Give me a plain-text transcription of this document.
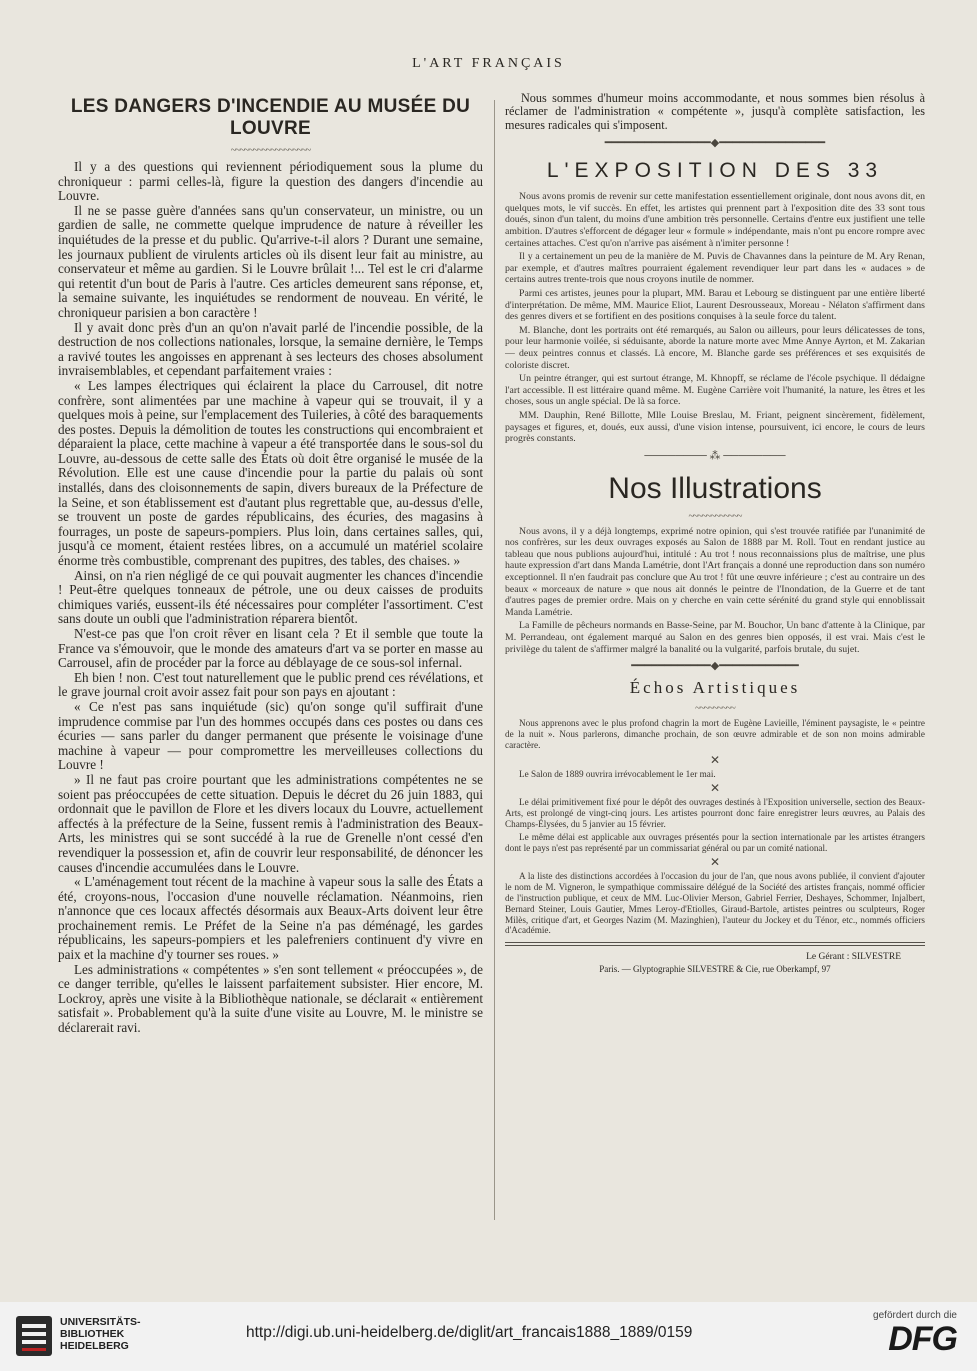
L'ART FRANÇAIS
LES DANGERS D'INCENDIE AU MUSÉE DU LOUVRE
~~~~~~~~~~~~~~~~~~

Il y a des questions qui reviennent périodiquement sous la plume du chroniqueur : parmi celles-là, figure la question des dangers d'incendie au Louvre.

Il ne se passe guère d'années sans qu'un conservateur, un ministre, ou un gardien de salle, ne commette quelque imprudence de nature à réveiller les inquiétudes de la presse et du public. Qu'arrive-t-il alors ? Durant une semaine, les journaux publient de virulents articles où ils disent leur fait au ministre, au conservateur et même au gardien. Si le Louvre brûlait !... Tel est le cri d'alarme qui retentit d'un bout de Paris à l'autre. Ces articles demeurent sans réponse, et, la semaine suivante, les inquiétudes se rendorment de nouveau. En vérité, le chroniqueur parisien a bon caractère !

Il y avait donc près d'un an qu'on n'avait parlé de l'incendie possible, de la destruction de nos collections nationales, lorsque, la semaine dernière, le Temps a ravivé toutes les angoisses en apprenant à ses lecteurs des choses absolument invraisemblables, et cependant parfaitement vraies :

« Les lampes électriques qui éclairent la place du Carrousel, dit notre confrère, sont alimentées par une machine à vapeur qui se trouvait, il y a quelques mois à peine, sur l'emplacement des Tuileries, à côté des baraquements des postes. Depuis la démolition de toutes les constructions qui encombraient et déparaient la place, cette machine à vapeur a été transportée dans le sous-sol du Louvre, au-dessous de cette salle des États où doit être organisé le musée de la Révolution. Elle est une cause d'incendie pour la partie du palais où sont installés, dans des cloisonnements de sapin, divers bureaux de la Préfecture de la Seine, et son établissement est d'autant plus regrettable que, au-dessus d'elle, se trouvent un poste de gardes républicains, des écuries, des magasins à fourrages, un poste de sapeurs-pompiers. Plus loin, dans certaines salles, qui, jusqu'à ce moment, étaient restées libres, on a accumulé un matériel scolaire énorme très combustible, comprenant des pupitres, des tables, des chaises. »

Ainsi, on n'a rien négligé de ce qui pouvait augmenter les chances d'incendie ! Peut-être quelques tonneaux de pétrole, une ou deux caisses de produits chimiques variés, eussent-ils été nécessaires pour compléter l'assortiment. C'est sans doute un oubli que l'administration réparera bientôt.

N'est-ce pas que l'on croit rêver en lisant cela ? Et il semble que toute la France va s'émouvoir, que le monde des amateurs d'art va se porter en masse au Carrousel, afin de procéder par la force au déblayage de ce sous-sol infernal.

Eh bien ! non. C'est tout naturellement que le public prend ces révélations, et le grave journal croit avoir assez fait pour son pays en ajoutant :

« Ce n'est pas sans inquiétude (sic) qu'on songe qu'il suffirait d'une imprudence commise par l'un des hommes occupés dans ces postes ou dans ces écuries — sans parler du danger permanent que présente le voisinage d'une machine à vapeur — pour compromettre les merveilleuses collections du Louvre !

» Il ne faut pas croire pourtant que les administrations compétentes ne se soient pas préoccupées de cette situation. Depuis le décret du 26 juin 1883, qui ordonnait que le pavillon de Flore et les divers locaux du Louvre, actuellement affectés à la préfecture de la Seine, fussent remis à l'administration des Beaux-Arts, les ministres qui se sont succédé à la rue de Grenelle n'ont cessé d'en revendiquer la possession et, afin de couvrir leur responsabilité, de dénoncer les causes d'incendie accumulées dans le Louvre.

« L'aménagement tout récent de la machine à vapeur sous la salle des États a été, croyons-nous, l'occasion d'une nouvelle réclamation. Néanmoins, rien n'annonce que ces locaux affectés désormais aux Beaux-Arts doivent leur être prochainement remis. Le Préfet de la Seine n'a pas déménagé, les gardes républicains, les sapeurs-pompiers et les palefreniers continuent d'y vivre en paix et la machine d'y tourner ses roues. »

Les administrations « compétentes » s'en sont tellement « préoccupées », de ce danger terrible, qu'elles le laissent parfaitement subsister. Hier encore, M. Lockroy, après une visite à la Bibliothèque nationale, se déclarait « entièrement satisfait ». Probablement qu'à la suite d'une visite au Louvre, M. le ministre se déclarerait ravi.

Nous sommes d'humeur moins accommodante, et nous sommes bien résolus à réclamer de l'administration « compétente », jusqu'à complète satisfaction, les mesures radicales qui s'imposent.

━━━━━━━━━━━━━━━━◆━━━━━━━━━━━━━━━━
L'EXPOSITION DES 33

Nous avons promis de revenir sur cette manifestation essentiellement originale, dont nous avons dit, en quelques mots, le vif succès. En effet, les artistes qui prennent part à l'exposition dite des 33 sont tous doués, sinon d'un talent, du moins d'une ambition très personnelle. Certains d'entre eux justifient une telle ambition. D'autres s'efforcent de dégager leur « formule » indépendante, mais n'ont pu encore rompre avec certaines attaches. C'est qu'on n'arrive pas aisément à n'imiter personne !

Il y a certainement un peu de la manière de M. Puvis de Chavannes dans la peinture de M. Ary Renan, par exemple, et d'autres maîtres pourraient également revendiquer leur part dans les « audaces » de certains autres trente-trois que nous croyons inutile de nommer.

Parmi ces artistes, jeunes pour la plupart, MM. Barau et Lebourg se distinguent par une entière liberté d'interprétation. De même, MM. Maurice Eliot, Laurent Desrousseaux, Moreau - Nélaton s'affirment dans des genres divers et se fortifient en des positions conquises à la seule force du talent.

M. Blanche, dont les portraits ont été remarqués, au Salon ou ailleurs, pour leurs délicatesses de tons, pour leur harmonie voilée, si séduisante, aborde la nature morte avec Mme Annye Ayrton, et M. Zakarian — deux peintres connus et classés. Là encore, M. Blanche garde ses préférences et ses exquisités de coloriste discret.

Un peintre étranger, qui est surtout étrange, M. Khnopff, se réclame de l'école psychique. Il dédaigne l'art accessible. Il est littéraire quand même. M. Eugène Carrière voit l'humanité, la nature, les êtres et les choses, sous un angle spécial. De là sa force.

MM. Dauphin, René Billotte, Mlle Louise Breslau, M. Friant, peignent sincèrement, fidèlement, paysages et figures, et, doués, eux aussi, d'une vision intense, poursuivent, ici encore, le cours de leurs progrès constants.

──────── ⁂ ────────
Nos Illustrations
~~~~~~~~~~~~

Nous avons, il y a déjà longtemps, exprimé notre opinion, qui s'est trouvée ratifiée par l'unanimité de nos confrères, sur les deux ouvrages exposés au Salon de 1888 par M. Roll. Tout en rendant justice au tableau que nous publions aujourd'hui, intitulé : Au trot ! nous reconnaissions plus de maîtrise, une plus haute expression d'art dans Manda Lamétrie, dont l'Art français a donné une reproduction dans son numéro exceptionnel. Il n'en faudrait pas conclure que Au trot ! fût une œuvre inférieure ; c'est au contraire un des beaux « morceaux de nature » que nous ait donnés le peintre de l'Inondation, de la Guerre et de tant d'autres pages de premier ordre. Mais on y cherche en vain cette sérénité du grand style qui ennoblissait Manda Lamétrie.

La Famille de pêcheurs normands en Basse-Seine, par M. Bouchor, Un banc d'attente à la Clinique, par M. Perrandeau, ont également marqué au Salon en des genres bien opposés, il est vrai. Mais c'est le privilège du talent de s'affirmer malgré la banalité ou la vulgarité, parfois brutale, du sujet.

━━━━━━━━━━━━◆━━━━━━━━━━━━
Échos Artistiques
~~~~~~~~~

Nous apprenons avec le plus profond chagrin la mort de Eugène Lavieille, l'éminent paysagiste, le « peintre de la nuit ». Nous parlerons, dimanche prochain, de son œuvre admirable et de son non moins admirable caractère.

✕

Le Salon de 1889 ouvrira irrévocablement le 1er mai.

✕

Le délai primitivement fixé pour le dépôt des ouvrages destinés à l'Exposition universelle, section des Beaux-Arts, est prolongé de vingt-cinq jours. Les artistes pourront donc faire enregistrer leurs œuvres, au Palais des Champs-Élysées, du 5 janvier au 15 février.

Le même délai est applicable aux ouvrages présentés pour la section internationale par les artistes étrangers dont le pays n'est pas représenté par un commissariat général ou par un comité national.

✕

A la liste des distinctions accordées à l'occasion du jour de l'an, que nous avons publiée, il convient d'ajouter le nom de M. Vigneron, le sympathique commissaire délégué de la Société des artistes français, nommé officier de l'instruction publique, et ceux de MM. Luc-Olivier Merson, Gabriel Ferrier, Deshayes, Schommer, Injalbert, Bernard Steiner, Louis Gautier, Mmes Leroy-d'Etiolles, Giraud-Bartole, artistes peintres ou sculpteurs, Roger Milès, critique d'art, et Georges Nazim (M. Mazinghien), l'auteur du Jockey et du Ténor, etc., nommés officiers d'Académie.

Le Gérant : SILVESTRE
Paris. — Glyptographie SILVESTRE & Cie, rue Oberkampf, 97
UNIVERSITÄTS-
BIBLIOTHEK
HEIDELBERG
http://digi.ub.uni-heidelberg.de/diglit/art_francais1888_1889/0159
gefördert durch die
DFG
